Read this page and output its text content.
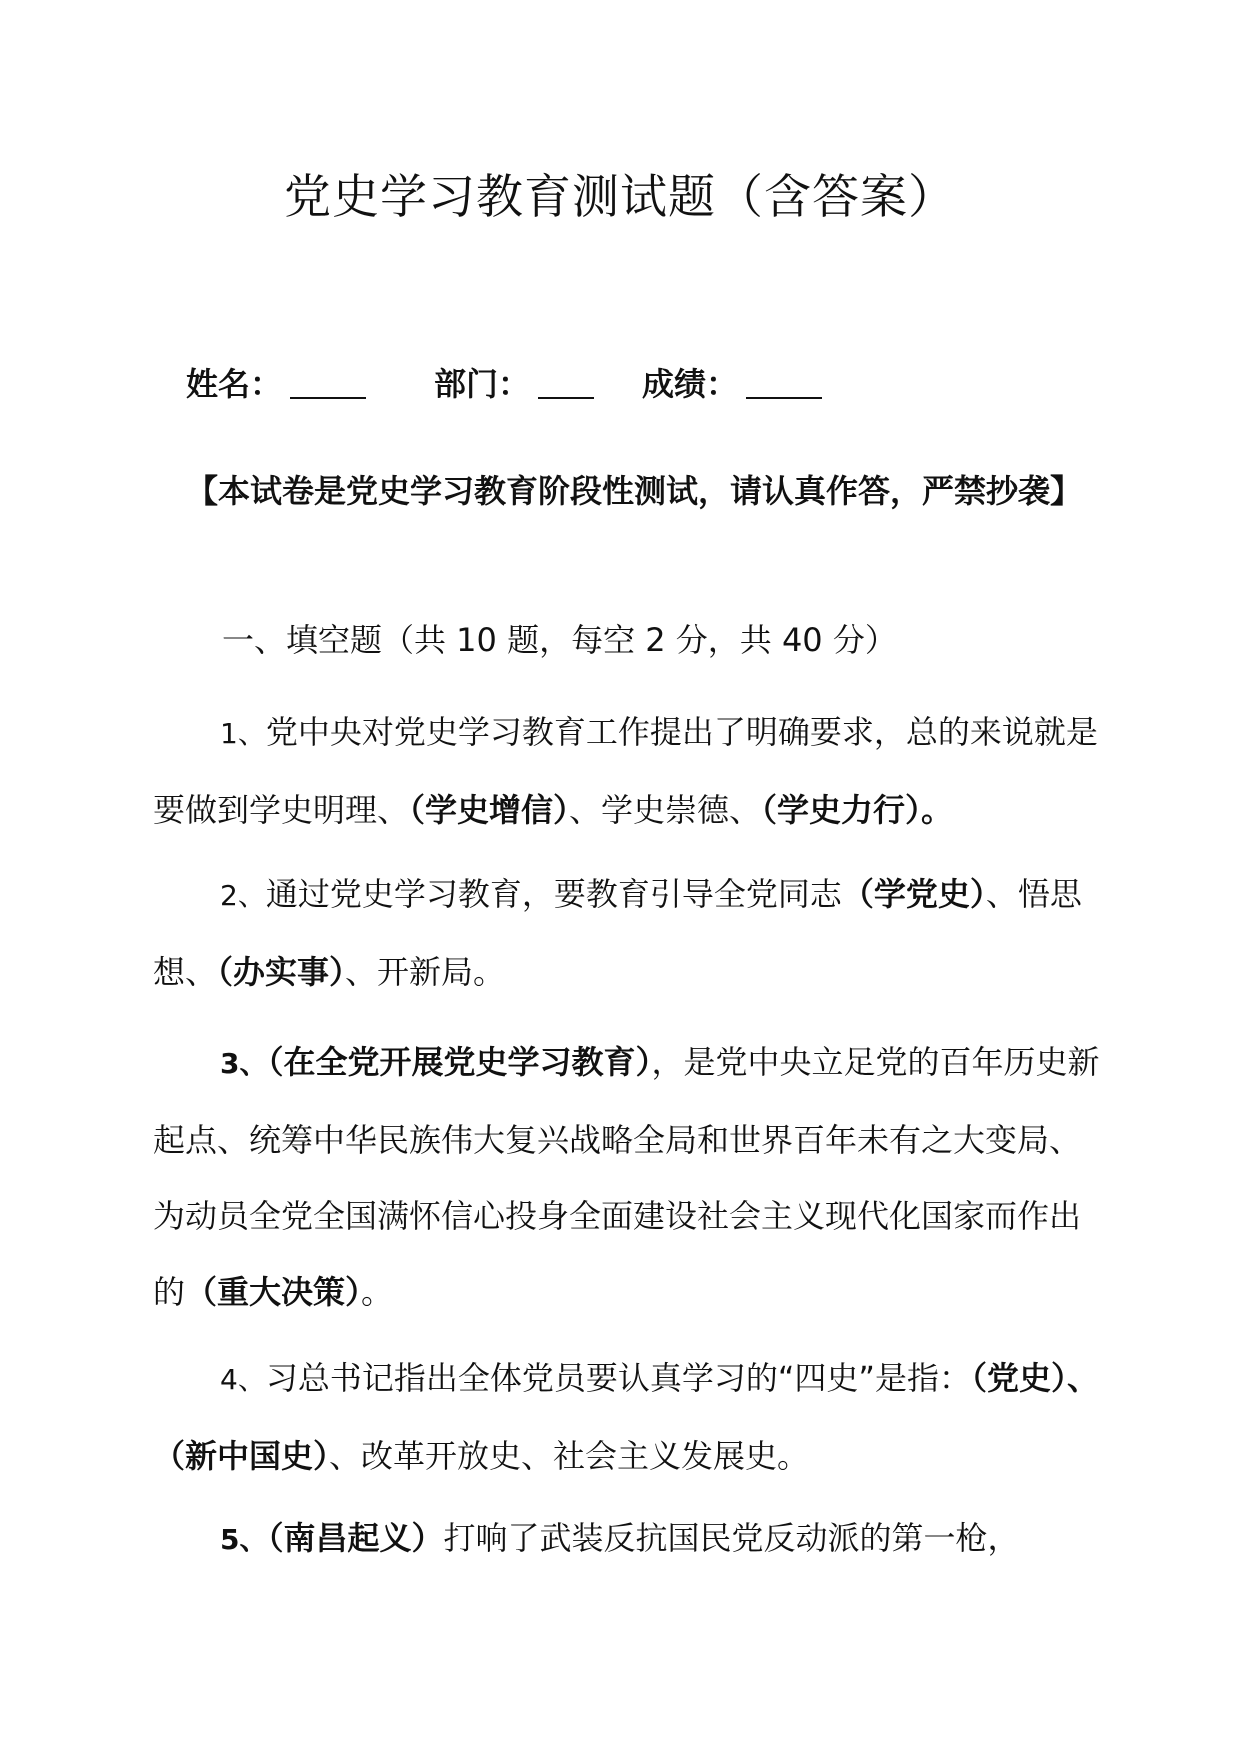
党史学习教育测试题（含答案）
姓名：	部门：	成绩：
【本试卷是党史学习教育阶段性测试，请认真作答，严禁抄袭】
一、填空题（共 10 题，每空 2 分，共 40 分）
1、党中央对党史学习教育工作提出了明确要求，总的来说就是要做到学史明理、（学史增信）、学史崇德、（学史力行）。
2、通过党史学习教育，要教育引导全党同志（学党史）、悟思想、（办实事）、开新局。
3、（在全党开展党史学习教育），是党中央立足党的百年历史新起点、统筹中华民族伟大复兴战略全局和世界百年未有之大变局、为动员全党全国满怀信心投身全面建设社会主义现代化国家而作出的（重大决策）。
4、习总书记指出全体党员要认真学习的“四史”是指：（党史）、（新中国史）、改革开放史、社会主义发展史。
5、（南昌起义）打响了武装反抗国民党反动派的第一枪，
